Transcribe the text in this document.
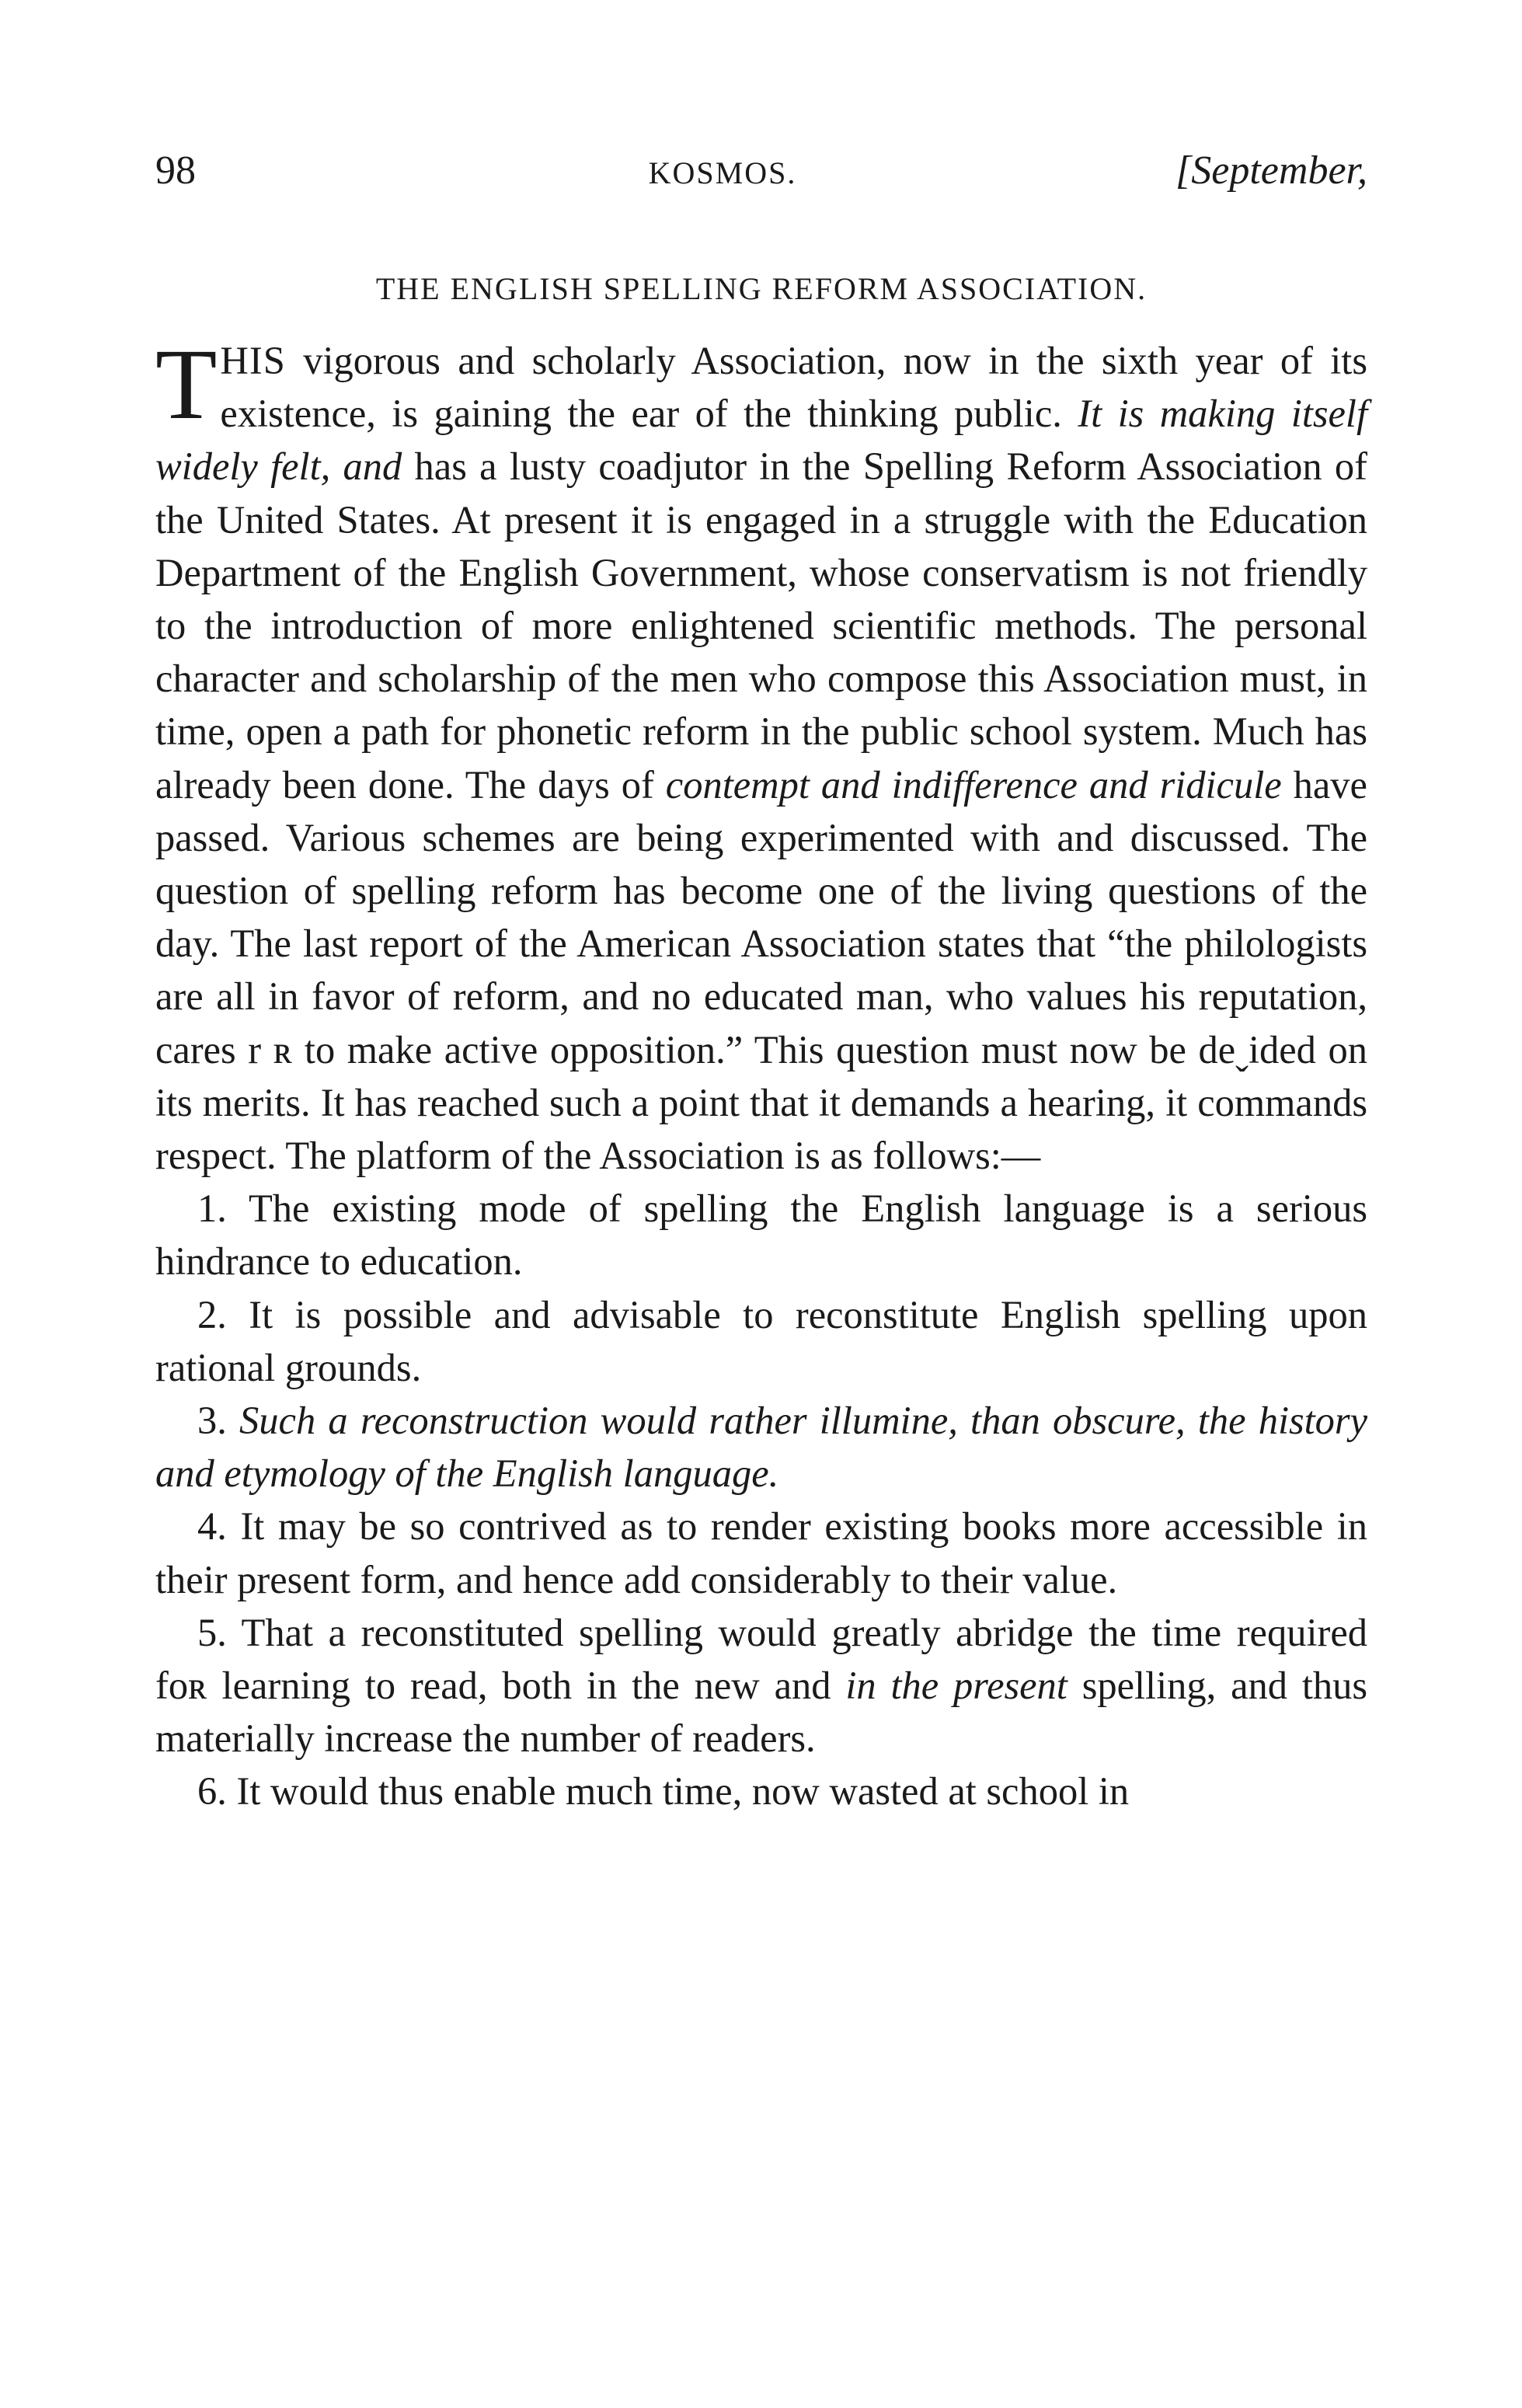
98	KOSMOS.	[September,
THE ENGLISH SPELLING REFORM ASSOCIATION.

THIS vigorous and scholarly Association, now in the sixth year of its existence, is gaining the ear of the thinking public. It is making itself widely felt, and has a lusty coadjutor in the Spelling Reform Association of the United States. At present it is engaged in a struggle with the Education Department of the English Government, whose conservatism is not friendly to the introduction of more enlightened scientific methods. The personal character and scholarship of the men who compose this Association must, in time, open a path for phonetic reform in the public school system. Much has already been done. The days of contempt and indifference and ridicule have passed. Various schemes are being experimented with and discussed. The question of spelling reform has become one of the living questions of the day. The last report of the American Association states that “the philologists are all in favor of reform, and no educated man, who values his reputation, cares r ʀ to make active opposition.” This question must now be deˬided on its merits. It has reached such a point that it demands a hearing, it commands respect. The platform of the Association is as follows:—

1. The existing mode of spelling the English language is a serious hindrance to education.

2. It is possible and advisable to reconstitute English spelling upon rational grounds.

3. Such a reconstruction would rather illumine, than obscure, the history and etymology of the English language.

4. It may be so contrived as to render existing books more accessible in their present form, and hence add considerably to their value.

5. That a reconstituted spelling would greatly abridge the time required foʀ learning to read, both in the new and in the present spelling, and thus materially increase the number of readers.

6. It would thus enable much time, now wasted at school in
